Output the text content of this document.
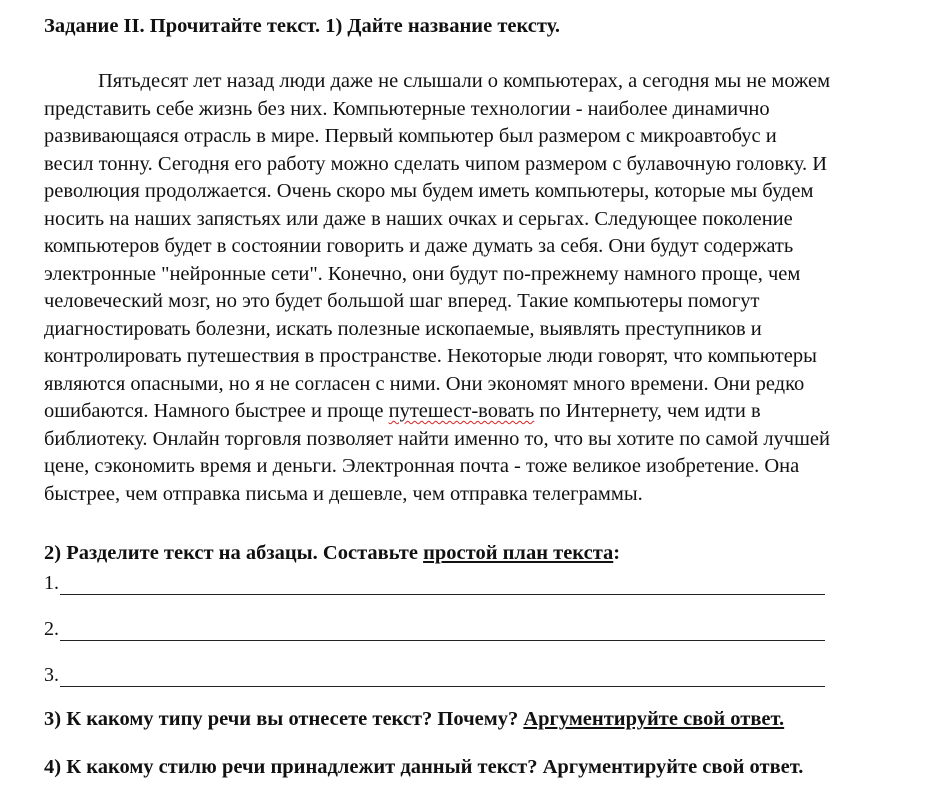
Задание II. Прочитайте текст. 1) Дайте название тексту.
Пятьдесят лет назад люди даже не слышали о компьютерах, а сегодня мы не можем
представить себе жизнь без них. Компьютерные технологии - наиболее динамично
развивающаяся отрасль в мире. Первый компьютер был размером с микроавтобус и
весил тонну. Сегодня его работу можно сделать чипом размером с булавочную головку. И
революция продолжается. Очень скоро мы будем иметь компьютеры, которые мы будем
носить на наших запястьях или даже в наших очках и серьгах. Следующее поколение
компьютеров будет в состоянии говорить и даже думать за себя. Они будут содержать
электронные "нейронные сети". Конечно, они будут по-прежнему намного проще, чем
человеческий мозг, но это будет большой шаг вперед. Такие компьютеры помогут
диагностировать болезни, искать полезные ископаемые, выявлять преступников и
контролировать путешествия в пространстве. Некоторые люди говорят, что компьютеры
являются опасными, но я не согласен с ними. Они экономят много времени. Они редко
ошибаются. Намного быстрее и проще путешест-вовать по Интернету, чем идти в
библиотеку. Онлайн торговля позволяет найти именно то, что вы хотите по самой лучшей
цене, сэкономить время и деньги. Электронная почта - тоже великое изобретение. Она
быстрее, чем отправка письма и дешевле, чем отправка телеграммы.
2) Разделите текст на абзацы. Составьте простой план текста:
1.
2.
3.
3) К какому типу речи вы отнесете текст? Почему? Аргументируйте свой ответ.
4) К какому стилю речи принадлежит данный текст? Аргументируйте свой ответ.
